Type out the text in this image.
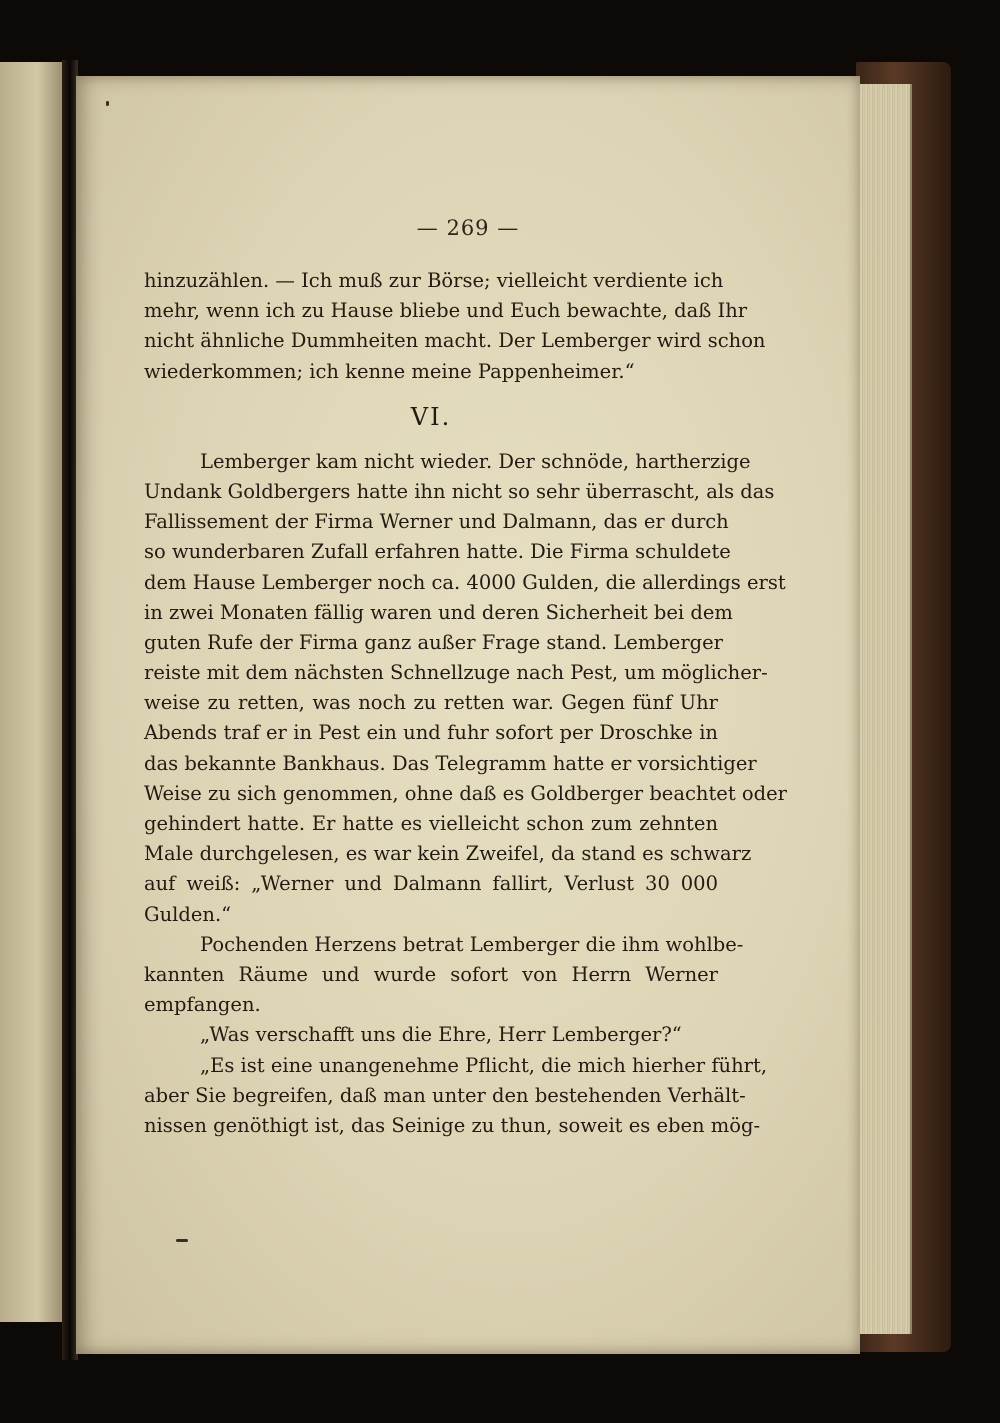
— 269 —
hinzuzählen. — Ich muß zur Börse; vielleicht verdiente ich
mehr, wenn ich zu Hause bliebe und Euch bewachte, daß Ihr
nicht ähnliche Dummheiten macht. Der Lemberger wird schon
wiederkommen; ich kenne meine Pappenheimer.“
VI.
Lemberger kam nicht wieder. Der schnöde, hartherzige
Undank Goldbergers hatte ihn nicht so sehr überrascht, als das
Fallissement der Firma Werner und Dalmann, das er durch
so wunderbaren Zufall erfahren hatte. Die Firma schuldete
dem Hause Lemberger noch ca. 4000 Gulden, die allerdings erst
in zwei Monaten fällig waren und deren Sicherheit bei dem
guten Rufe der Firma ganz außer Frage stand. Lemberger
reiste mit dem nächsten Schnellzuge nach Pest, um möglicher-
weise zu retten, was noch zu retten war. Gegen fünf Uhr
Abends traf er in Pest ein und fuhr sofort per Droschke in
das bekannte Bankhaus. Das Telegramm hatte er vorsichtiger
Weise zu sich genommen, ohne daß es Goldberger beachtet oder
gehindert hatte. Er hatte es vielleicht schon zum zehnten
Male durchgelesen, es war kein Zweifel, da stand es schwarz
auf weiß: „Werner und Dalmann fallirt, Verlust 30 000
Gulden.“
Pochenden Herzens betrat Lemberger die ihm wohlbe-
kannten Räume und wurde sofort von Herrn Werner
empfangen.
„Was verschafft uns die Ehre, Herr Lemberger?“
„Es ist eine unangenehme Pflicht, die mich hierher führt,
aber Sie begreifen, daß man unter den bestehenden Verhält-
nissen genöthigt ist, das Seinige zu thun, soweit es eben mög-
